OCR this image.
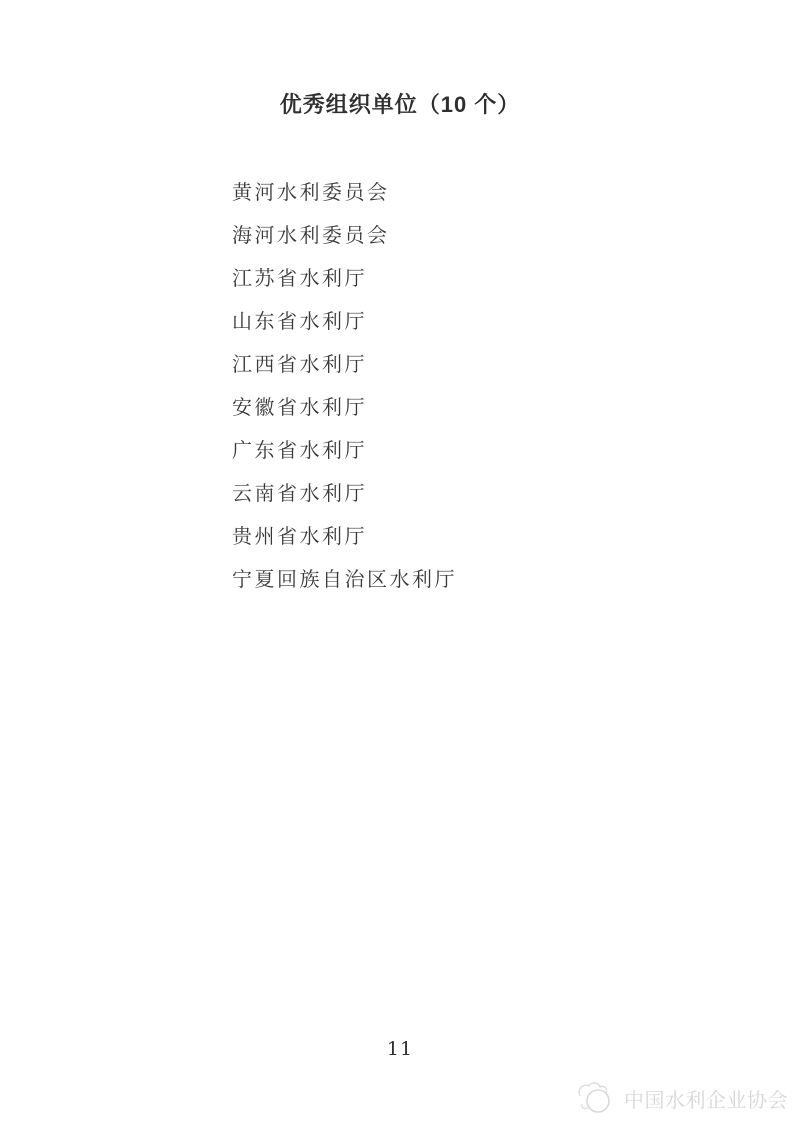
优秀组织单位（10 个）
黄河水利委员会
海河水利委员会
江苏省水利厅
山东省水利厅
江西省水利厅
安徽省水利厅
广东省水利厅
云南省水利厅
贵州省水利厅
宁夏回族自治区水利厅
11
中国水利企业协会
